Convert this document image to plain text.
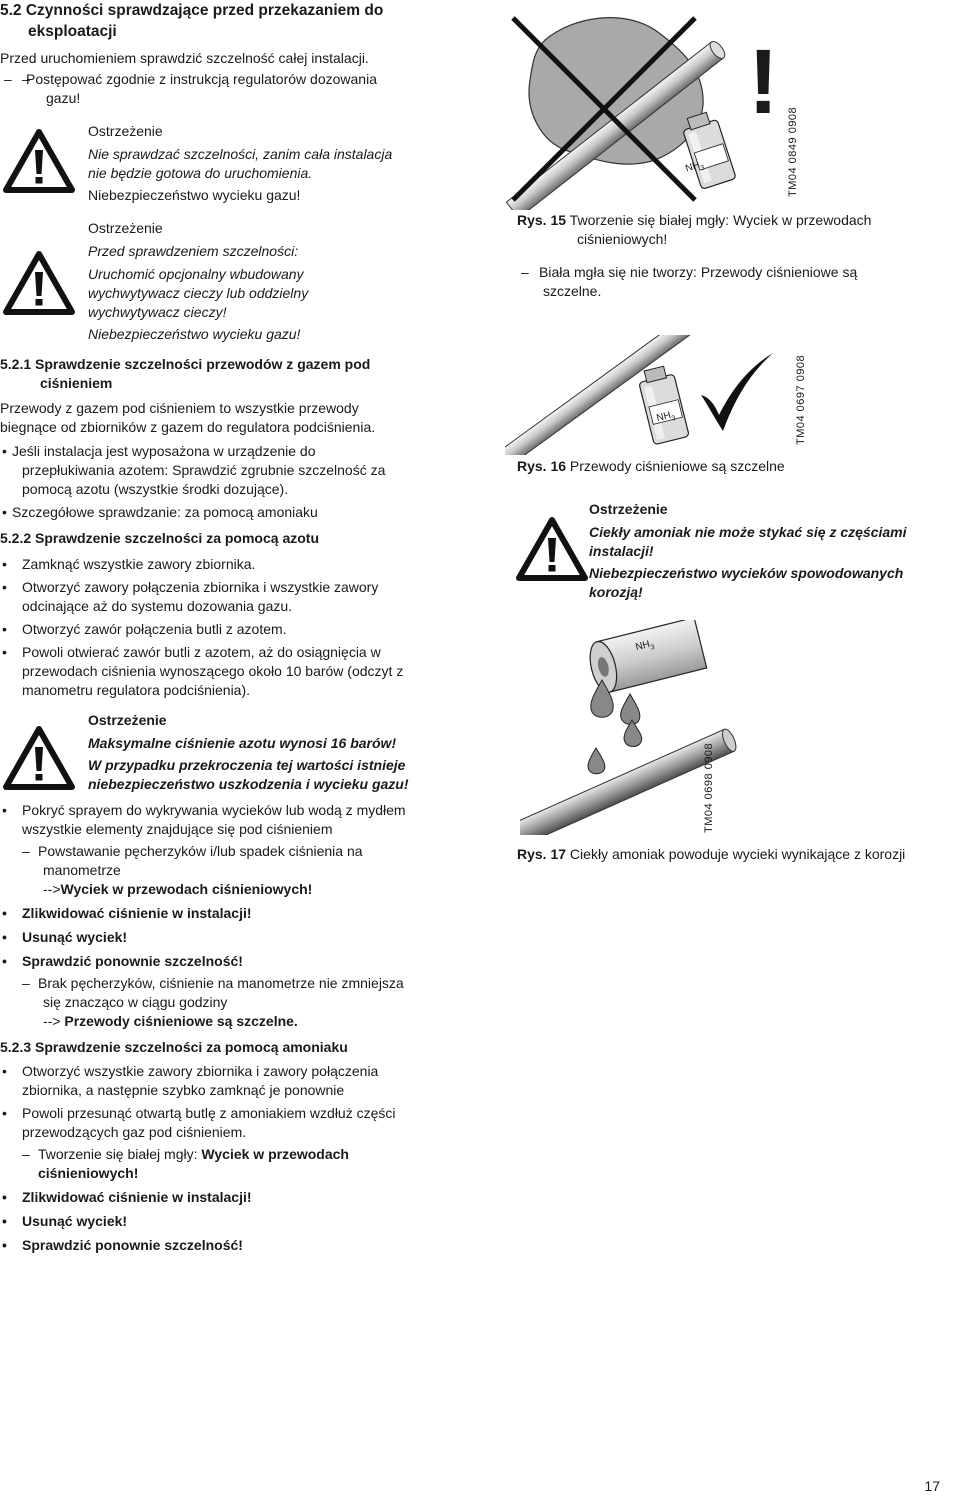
5.2 Czynności sprawdzające przed przekazaniem do
eksploatacji
Przed uruchomieniem sprawdzić szczelność całej instalacji.
– – Postępować zgodnie z instrukcją regulatorów dozowania
gazu!
Ostrzeżenie
Nie sprawdzać szczelności, zanim cała instalacja
nie będzie gotowa do uruchomienia.
Niebezpieczeństwo wycieku gazu!
Ostrzeżenie
Przed sprawdzeniem szczelności:
Uruchomić opcjonalny wbudowany
wychwytywacz cieczy lub oddzielny
wychwytywacz cieczy!
Niebezpieczeństwo wycieku gazu!
5.2.1 Sprawdzenie szczelności przewodów z gazem pod
ciśnieniem
Przewody z gazem pod ciśnieniem to wszystkie przewody
biegnące od zbiorników z gazem do regulatora podciśnienia.
• Jeśli instalacja jest wyposażona w urządzenie do
przepłukiwania azotem: Sprawdzić zgrubnie szczelność za
pomocą azotu (wszystkie środki dozujące).
• Szczegółowe sprawdzanie: za pomocą amoniaku
5.2.2 Sprawdzenie szczelności za pomocą azotu
• Zamknąć wszystkie zawory zbiornika.
• Otworzyć zawory połączenia zbiornika i wszystkie zawory
odcinające aż do systemu dozowania gazu.
• Otworzyć zawór połączenia butli z azotem.
• Powoli otwierać zawór butli z azotem, aż do osiągnięcia w
przewodach ciśnienia wynoszącego około 10 barów (odczyt z
manometru regulatora podciśnienia).
Ostrzeżenie
Maksymalne ciśnienie azotu wynosi 16 barów!
W przypadku przekroczenia tej wartości istnieje
niebezpieczeństwo uszkodzenia i wycieku gazu!
• Pokryć sprayem do wykrywania wycieków lub wodą z mydłem
wszystkie elementy znajdujące się pod ciśnieniem
– Powstawanie pęcherzyków i/lub spadek ciśnienia na
manometrze
-->Wyciek w przewodach ciśnieniowych!
• Zlikwidować ciśnienie w instalacji!
• Usunąć wyciek!
• Sprawdzić ponownie szczelność!
– Brak pęcherzyków, ciśnienie na manometrze nie zmniejsza
się znacząco w ciągu godziny
--> Przewody ciśnieniowe są szczelne.
5.2.3 Sprawdzenie szczelności za pomocą amoniaku
• Otworzyć wszystkie zawory zbiornika i zawory połączenia
zbiornika, a następnie szybko zamknąć je ponownie
• Powoli przesunąć otwartą butlę z amoniakiem wzdłuż części
przewodzących gaz pod ciśnieniem.
– Tworzenie się białej mgły: Wyciek w przewodach
ciśnieniowych!
• Zlikwidować ciśnienie w instalacji!
• Usunąć wyciek!
• Sprawdzić ponownie szczelność!
$NH_3$
!
TM04 0849 0908
Rys. 15 Tworzenie się białej mgły: Wyciek w przewodach
ciśnieniowych!
– Biała mgła się nie tworzy: Przewody ciśnieniowe są
szczelne.
$NH_3$	TM04 0697 0908
Rys. 16 Przewody ciśnieniowe są szczelne
Ostrzeżenie
Ciekły amoniak nie może stykać się z częściami
instalacji!
Niebezpieczeństwo wycieków spowodowanych
korozją!
$NH_3$
TM04 0698 0908
Rys. 17 Ciekły amoniak powoduje wycieki wynikające z korozji
17
